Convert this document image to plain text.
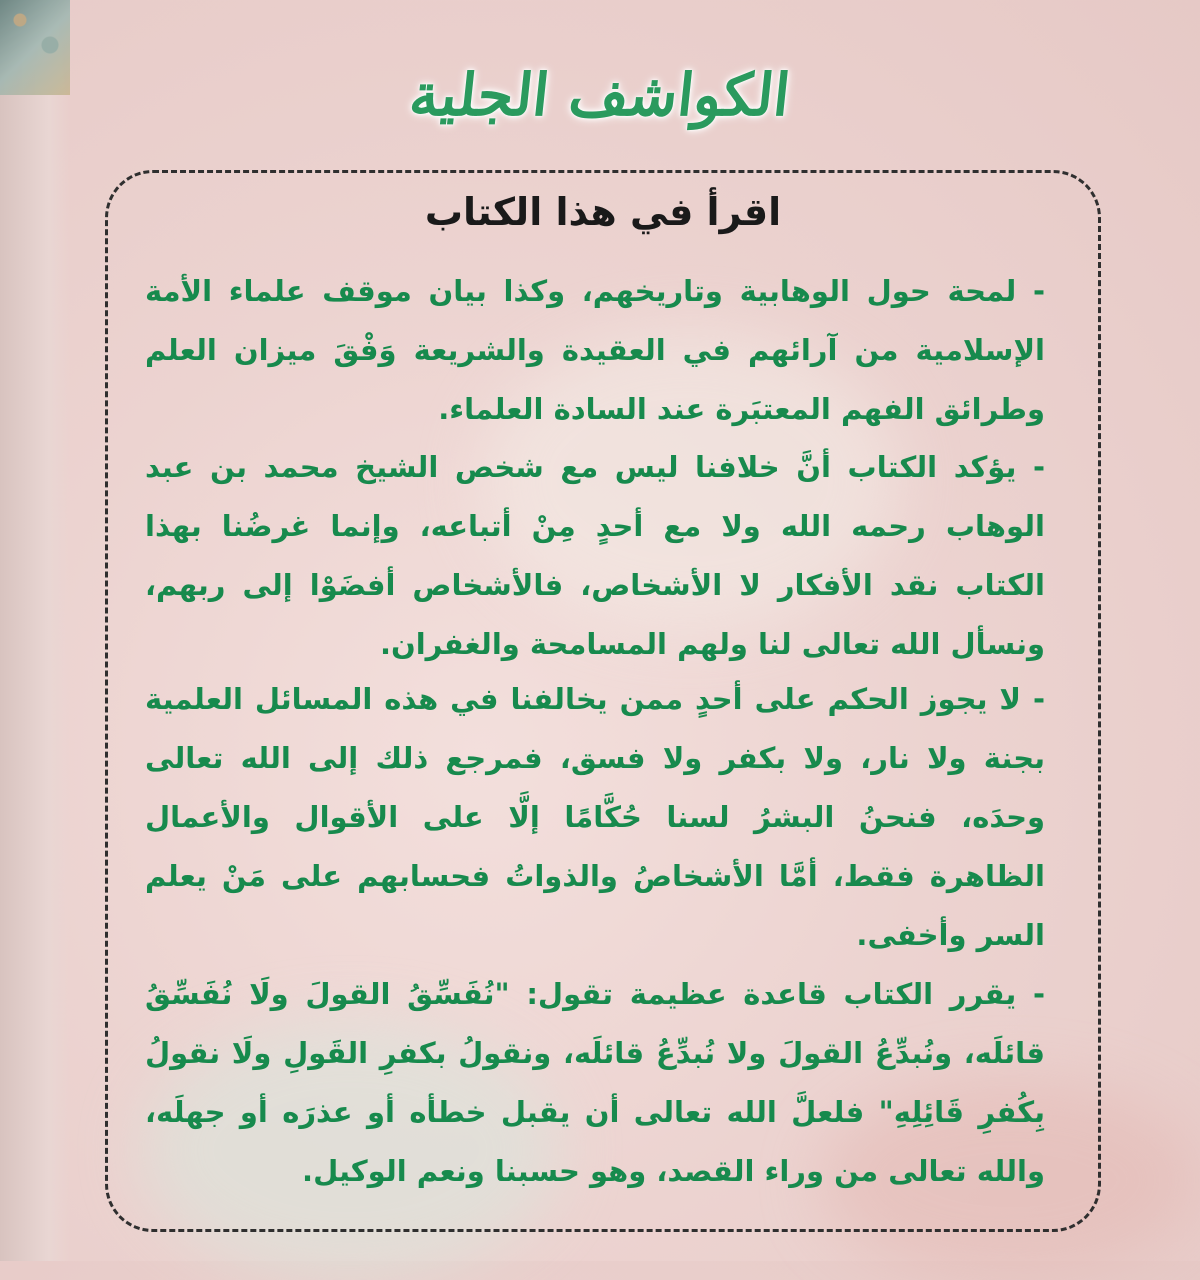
الكواشف الجلية
اقرأ في هذا الكتاب
- لمحة حول الوهابية وتاريخهم، وكذا بيان موقف علماء الأمة الإسلامية من آرائهم في العقيدة والشريعة وَفْقَ ميزان العلم وطرائق الفهم المعتبَرة عند السادة العلماء.
- يؤكد الكتاب أنَّ خلافنا ليس مع شخص الشيخ محمد بن عبد الوهاب رحمه الله ولا مع أحدٍ مِنْ أتباعه، وإنما غرضُنا بهذا الكتاب نقد الأفكار لا الأشخاص، فالأشخاص أفضَوْا إلى ربهم، ونسأل الله تعالى لنا ولهم المسامحة والغفران.
- لا يجوز الحكم على أحدٍ ممن يخالفنا في هذه المسائل العلمية بجنة ولا نار، ولا بكفر ولا فسق، فمرجع ذلك إلى الله تعالى وحدَه، فنحنُ البشرُ لسنا حُكَّامًا إلَّا على الأقوال والأعمال الظاهرة فقط، أمَّا الأشخاصُ والذواتُ فحسابهم على مَنْ يعلم السر وأخفى.
- يقرر الكتاب قاعدة عظيمة تقول: "نُفَسِّقُ القولَ ولَا نُفَسِّقُ قائلَه، ونُبدِّعُ القولَ ولا نُبدِّعُ قائلَه، ونقولُ بكفرِ القَولِ ولَا نقولُ بِكُفرِ قَائِلِهِ" فلعلَّ الله تعالى أن يقبل خطأه أو عذرَه أو جهلَه، والله تعالى من وراء القصد، وهو حسبنا ونعم الوكيل.
